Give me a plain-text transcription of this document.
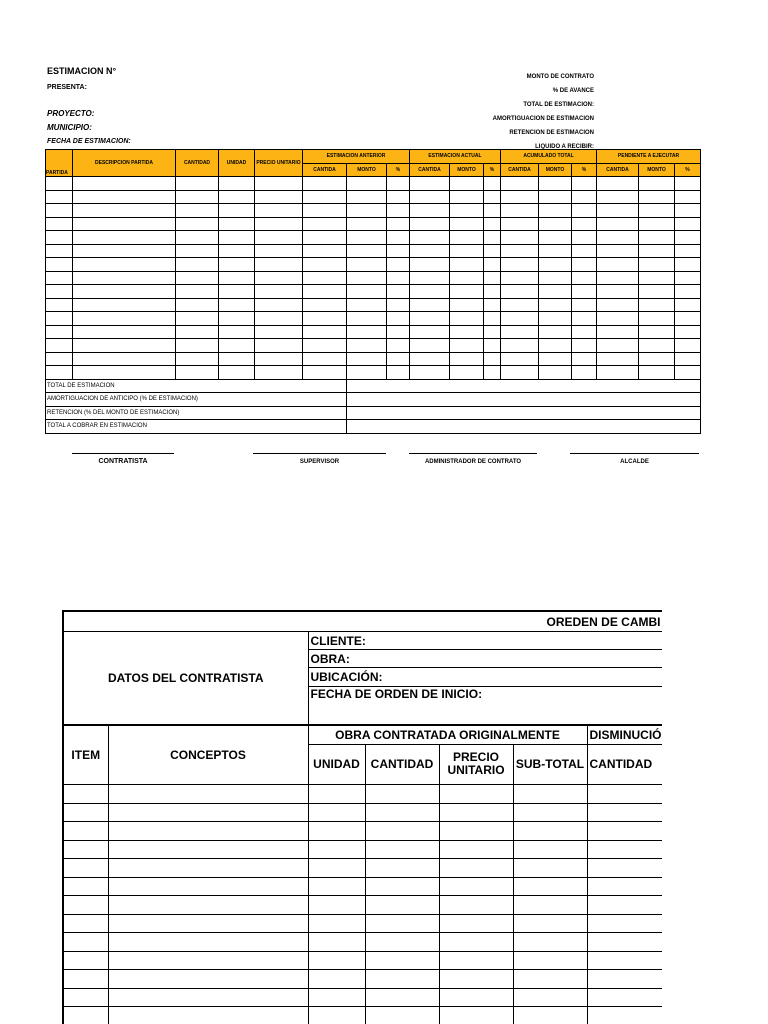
ESTIMACION N°
PRESENTA:
PROYECTO:
MUNICIPIO:
FECHA DE ESTIMACION:
MONTO DE CONTRATO
% DE AVANCE
TOTAL DE ESTIMACION:
AMORTIGUACION DE ESTIMACION
RETENCION DE ESTIMACION
LIQUIDO A RECIBIR:
PARTIDA	DESCRIPCION PARTIDA	CANTIDAD	UNIDAD	PRECIO UNITARIO	ESTIMACION ANTERIOR			ESTIMACION ACTUAL			ACUMULADO TOTAL			PENDIENTE A EJECUTAR		
					CANTIDA	MONTO	%	CANTIDA	MONTO	%	CANTIDA	MONTO	%	CANTIDA	MONTO	%

TOTAL DE ESTIMACION																
AMORTIGUACION DE ANTICIPO (% DE ESTIMACION)																
RETENCION (% DEL MONTO DE ESTIMACION)																
TOTAL A COBRAR EN ESTIMACION																
CONTRATISTA	SUPERVISOR	ADMINISTRADOR DE CONTRATO	ALCALDE
OREDEN DE CAMBI						
DATOS DEL CONTRATISTA		CLIENTE:				
		OBRA:				
		UBICACIÓN:				
		FECHA DE ORDEN DE INICIO:				
ITEM	CONCEPTOS	OBRA CONTRATADA ORIGINALMENTE				DISMINUCIÓ
		UNIDAD	CANTIDAD	PRECIO UNITARIO	SUB-TOTAL	CANTIDAD
